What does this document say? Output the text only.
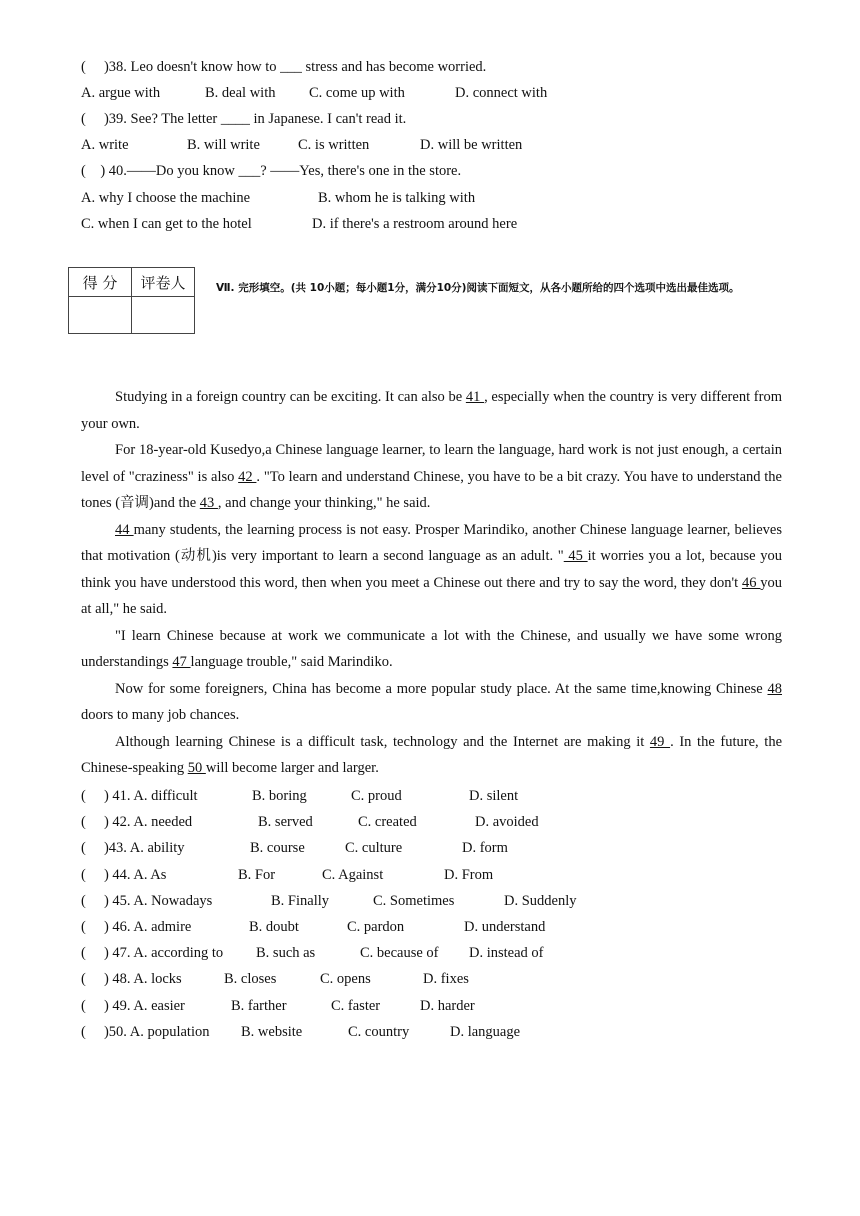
(     )38. Leo doesn't know how to ___ stress and has become worried.
A. argue with	B. deal with C. come up with	D. connect with
(     )39. See? The letter ____ in Japanese. I can't read it.
A. write	B. will write	C. is written	D. will be written
(    ) 40.——Do you know ___? ——Yes, there's one in the store.
A. why I choose the machine	B. whom he is talking with
C. when I can get to the hotel	D. if there's a restroom around here
得 分	评卷人
		Ⅶ. 完形填空。(共 10小题；每小题1分，满分10分)阅读下面短文，从各小题所给的四个选项中选出最佳选项。

Studying in a foreign country can be exciting. It can also be 41 , especially when the country is very different from your own.

For 18-year-old Kusedyo,a Chinese language learner, to learn the language, hard work is not just enough, a certain level of "craziness" is also 42 . "To learn and understand Chinese, you have to be a bit crazy. You have to understand the tones (音调)and the 43 , and change your thinking," he said.

44 many students, the learning process is not easy. Prosper Marindiko, another Chinese language learner, believes that motivation (动机)is very important to learn a second language as an adult. " 45 it worries you a lot, because you think you have understood this word, then when you meet a Chinese out there and try to say the word, they don't 46 you at all," he said.

"I learn Chinese because at work we communicate a lot with the Chinese, and usually we have some wrong understandings 47 language trouble," said Marindiko.

Now for some foreigners, China has become a more popular study place. At the same time,knowing Chinese 48 doors to many job chances.

Although learning Chinese is a difficult task, technology and the Internet are making it 49 . In the future, the Chinese-speaking 50 will become larger and larger.

(     ) 41. A. difficult	B. boring	C. proud	D. silent
(     ) 42. A. needed	B. served	C. created	D. avoided
(     )43. A. ability	B. course	C. culture	D. form
(     ) 44. A. As	B. For	C. Against	D. From
(     ) 45. A. Nowadays	B. Finally	C. Sometimes	D. Suddenly
(     ) 46. A. admire	B. doubt	C. pardon	D. understand
(     ) 47. A. according to B. such as	C. because of D. instead of
(     ) 48. A. locks	B. closes	C. opens	D. fixes
(     ) 49. A. easier	B. farther	C. faster	D. harder
(     )50. A. population B. website	C. country	D. language
